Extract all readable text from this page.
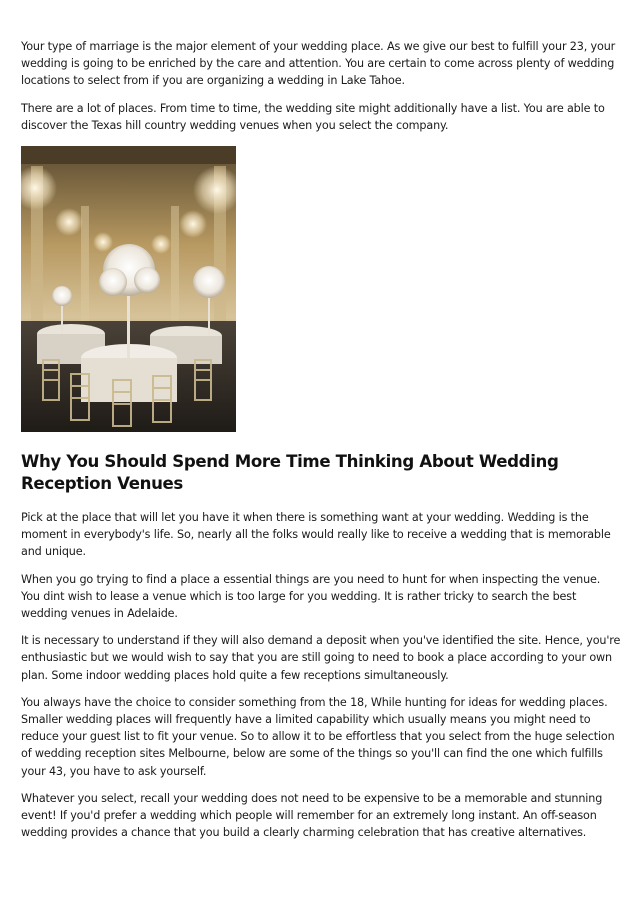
Your type of marriage is the major element of your wedding place. As we give our best to fulfill your 23, your wedding is going to be enriched by the care and attention. You are certain to come across plenty of wedding locations to select from if you are organizing a wedding in Lake Tahoe.

There are a lot of places. From time to time, the wedding site might additionally have a list. You are able to discover the Texas hill country wedding venues when you select the company.

Why You Should Spend More Time Thinking About Wedding Reception Venues

Pick at the place that will let you have it when there is something want at your wedding. Wedding is the moment in everybody's life. So, nearly all the folks would really like to receive a wedding that is memorable and unique.

When you go trying to find a place a essential things are you need to hunt for when inspecting the venue. You dint wish to lease a venue which is too large for you wedding. It is rather tricky to search the best wedding venues in Adelaide.

It is necessary to understand if they will also demand a deposit when you've identified the site. Hence, you're enthusiastic but we would wish to say that you are still going to need to book a place according to your own plan. Some indoor wedding places hold quite a few receptions simultaneously.

You always have the choice to consider something from the 18, While hunting for ideas for wedding places. Smaller wedding places will frequently have a limited capability which usually means you might need to reduce your guest list to fit your venue. So to allow it to be effortless that you select from the huge selection of wedding reception sites Melbourne, below are some of the things so you'll can find the one which fulfills your 43, you have to ask yourself.

Whatever you select, recall your wedding does not need to be expensive to be a memorable and stunning event! If you'd prefer a wedding which people will remember for an extremely long instant. An off-season wedding provides a chance that you build a clearly charming celebration that has creative alternatives.
